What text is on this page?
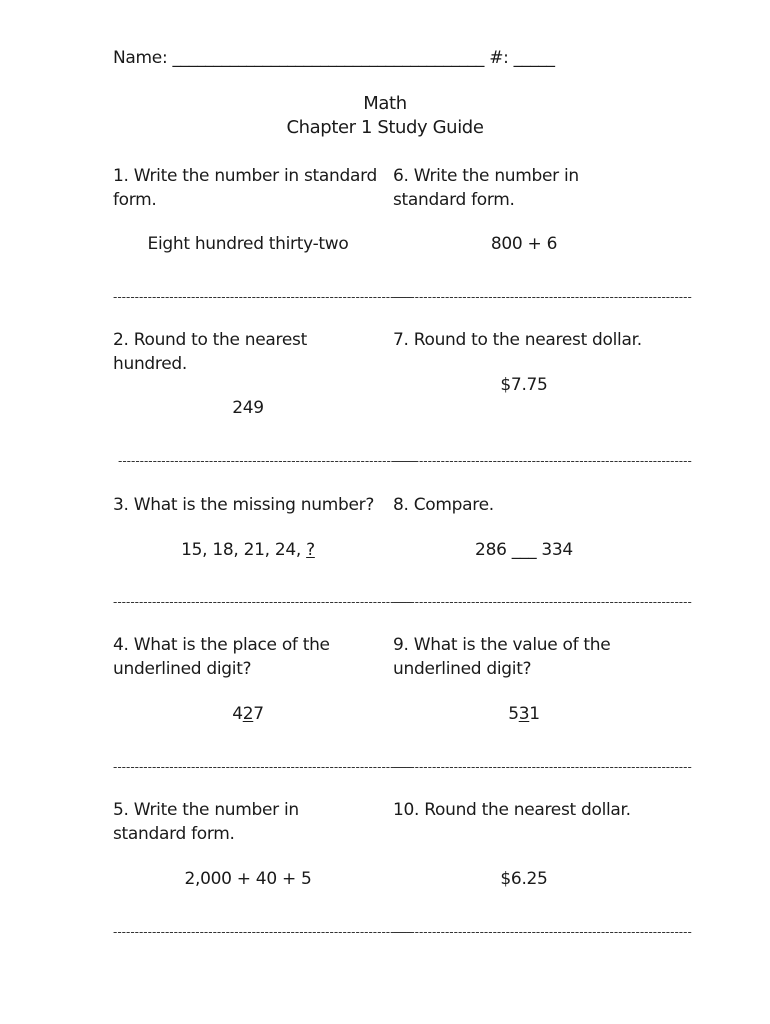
Name: ______________________________________ #: _____
Math
Chapter 1 Study Guide
1. Write the number in standard form.
Eight hundred thirty-two
---------------------------------------------------------------------
2. Round to the nearest hundred.
249
---------------------------------------------------------------------
3. What is the missing number?
15, 18, 21, 24, ?
---------------------------------------------------------------------
4. What is the place of the underlined digit?
427
---------------------------------------------------------------------
5. Write the number in standard form.
2,000 + 40 + 5
---------------------------------------------------------------------
6. Write the number in standard form.
800 + 6
---------------------------------------------------------------------
7. Round to the nearest dollar.
$7.75
---------------------------------------------------------------------
8. Compare.
286 ___ 334
---------------------------------------------------------------------
9. What is the value of the underlined digit?
531
---------------------------------------------------------------------
10. Round the nearest dollar.
$6.25
---------------------------------------------------------------------
